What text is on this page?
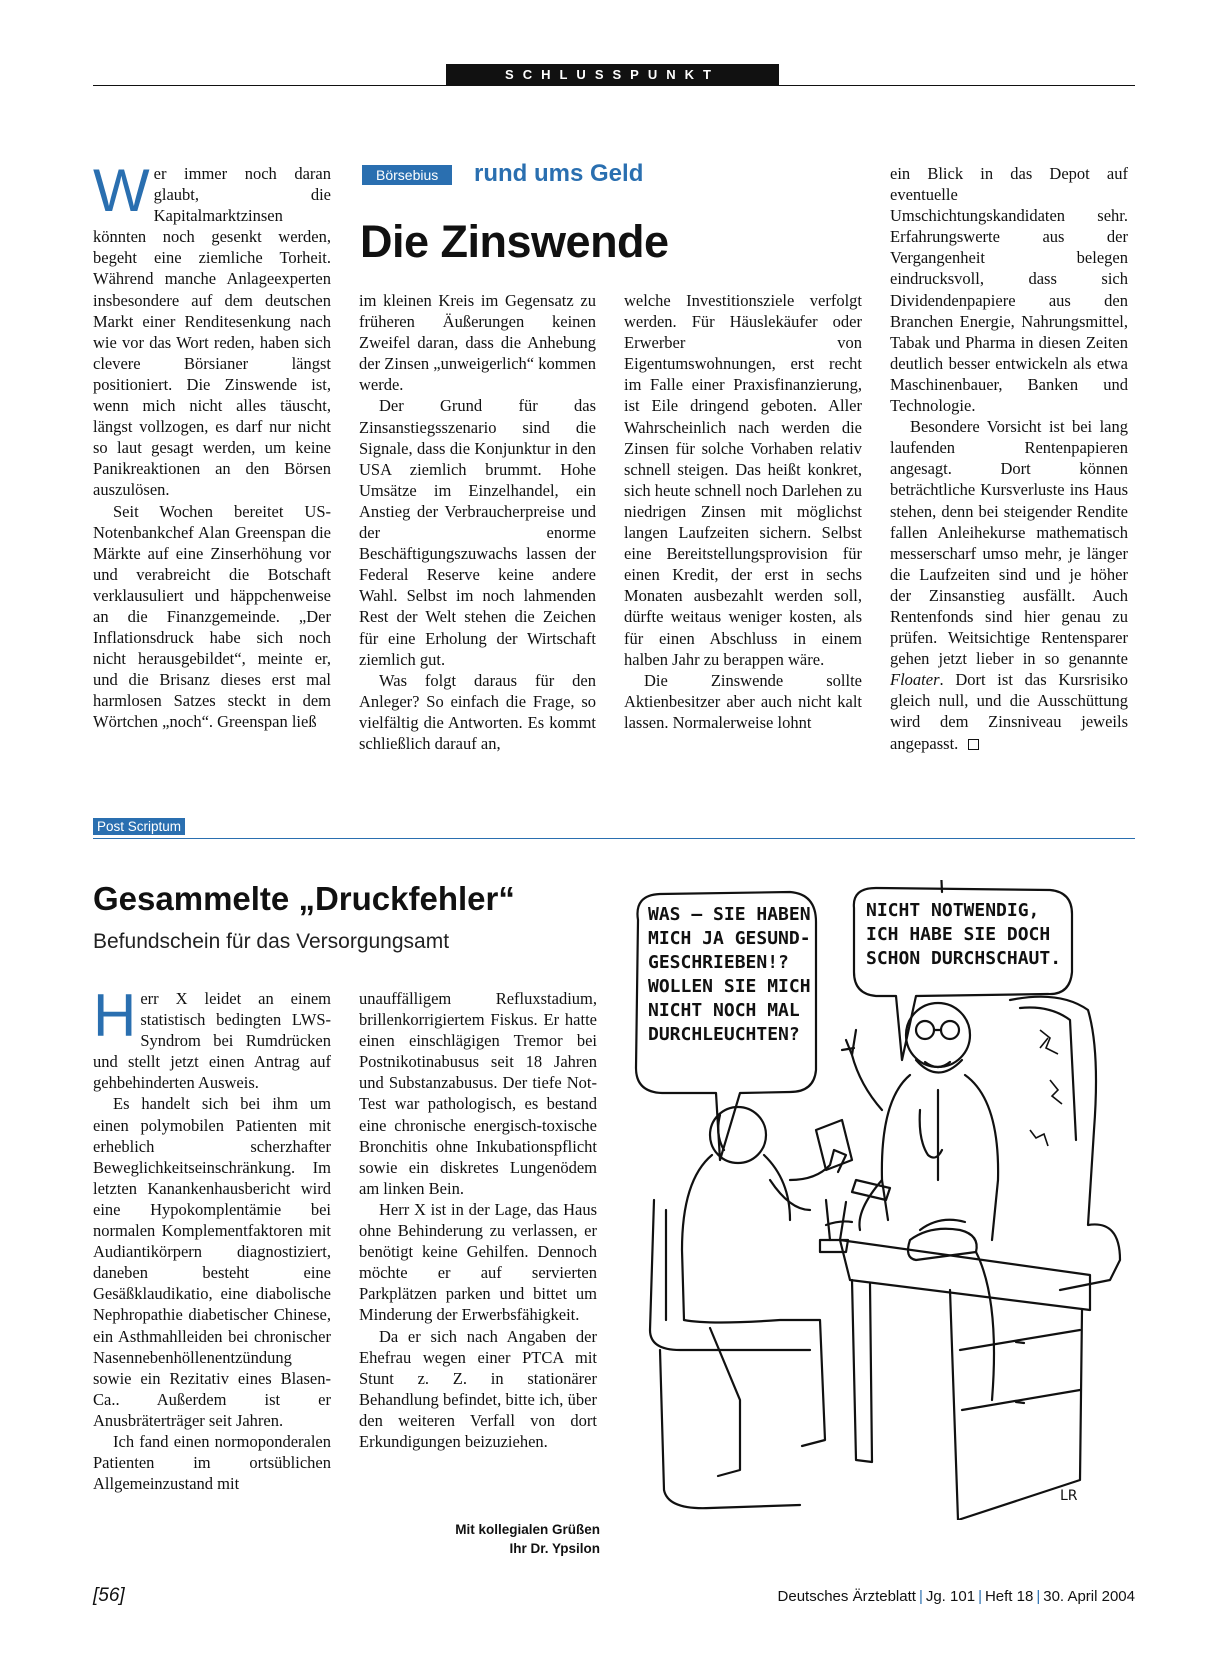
SCHLUSSPUNKT
Börsebius	rund ums Geld
Die Zinswende

Wer immer noch daran glaubt, die Kapitalmarktzinsen könnten noch gesenkt werden, begeht eine ziemliche Torheit. Während manche Anlageexperten insbesondere auf dem deutschen Markt einer Renditesenkung nach wie vor das Wort reden, haben sich clevere Börsianer längst positioniert. Die Zinswende ist, wenn mich nicht alles täuscht, längst vollzogen, es darf nur nicht so laut gesagt werden, um keine Panikreaktionen an den Börsen auszulösen.

Seit Wochen bereitet US-Notenbankchef Alan Greenspan die Märkte auf eine Zinserhöhung vor und verabreicht die Botschaft verklausuliert und häppchenweise an die Finanzgemeinde. „Der Inflationsdruck habe sich noch nicht herausgebildet“, meinte er, und die Brisanz dieses erst mal harmlosen Satzes steckt in dem Wörtchen „noch“. Greenspan ließ

im kleinen Kreis im Gegensatz zu früheren Äußerungen keinen Zweifel daran, dass die Anhebung der Zinsen „unweigerlich“ kommen werde.

Der Grund für das Zinsanstiegsszenario sind die Signale, dass die Konjunktur in den USA ziemlich brummt. Hohe Umsätze im Einzelhandel, ein Anstieg der Verbraucherpreise und der enorme Beschäftigungszuwachs lassen der Federal Reserve keine andere Wahl. Selbst im noch lahmenden Rest der Welt stehen die Zeichen für eine Erholung der Wirtschaft ziemlich gut.

Was folgt daraus für den Anleger? So einfach die Frage, so vielfältig die Antworten. Es kommt schließlich darauf an,

welche Investitionsziele verfolgt werden. Für Häuslekäufer oder Erwerber von Eigentumswohnungen, erst recht im Falle einer Praxisfinanzierung, ist Eile dringend geboten. Aller Wahrscheinlich nach werden die Zinsen für solche Vorhaben relativ schnell steigen. Das heißt konkret, sich heute schnell noch Darlehen zu niedrigen Zinsen mit möglichst langen Laufzeiten sichern. Selbst eine Bereitstellungsprovision für einen Kredit, der erst in sechs Monaten ausbezahlt werden soll, dürfte weitaus weniger kosten, als für einen Abschluss in einem halben Jahr zu berappen wäre.

Die Zinswende sollte Aktienbesitzer aber auch nicht kalt lassen. Normalerweise lohnt

ein Blick in das Depot auf eventuelle Umschichtungskandidaten sehr. Erfahrungswerte aus der Vergangenheit belegen eindrucksvoll, dass sich Dividendenpapiere aus den Branchen Energie, Nahrungsmittel, Tabak und Pharma in diesen Zeiten deutlich besser entwickeln als etwa Maschinenbauer, Banken und Technologie.

Besondere Vorsicht ist bei lang laufenden Rentenpapieren angesagt. Dort können beträchtliche Kursverluste ins Haus stehen, denn bei steigender Rendite fallen Anleihekurse mathematisch messerscharf umso mehr, je länger die Laufzeiten sind und je höher der Zinsanstieg ausfällt. Auch Rentenfonds sind hier genau zu prüfen. Weitsichtige Rentensparer gehen jetzt lieber in so genannte Floater. Dort ist das Kursrisiko gleich null, und die Ausschüttung wird dem Zinsniveau jeweils angepasst.

Post Scriptum
Gesammelte „Druckfehler“
Befundschein für das Versorgungsamt

Herr X leidet an einem statistisch bedingten LWS-Syndrom bei Rumdrücken und stellt jetzt einen Antrag auf gehbehinderten Ausweis.

Es handelt sich bei ihm um einen polymobilen Patienten mit erheblich scherzhafter Beweglichkeitseinschränkung. Im letzten Kanankenhausbericht wird eine Hypokomplentämie bei normalen Komplementfaktoren mit Audiantikörpern diagnostiziert, daneben besteht eine Gesäßklaudikatio, eine diabolische Nephropathie diabetischer Chinese, ein Asthmahlleiden bei chronischer Nasennebenhöllenentzündung sowie ein Rezitativ eines Blasen-Ca.. Außerdem ist er Anusbräterträger seit Jahren.

Ich fand einen normoponderalen Patienten im ortsüblichen Allgemeinzustand mit

unauffälligem Refluxstadium, brillenkorrigiertem Fiskus. Er hatte einen einschlägigen Tremor bei Postnikotinabusus seit 18 Jahren und Substanzabusus. Der tiefe Not-Test war pathologisch, es bestand eine chronische energisch-toxische Bronchitis ohne Inkubationspflicht sowie ein diskretes Lungenödem am linken Bein.

Herr X ist in der Lage, das Haus ohne Behinderung zu verlassen, er benötigt keine Gehilfen. Dennoch möchte er auf servierten Parkplätzen parken und bittet um Minderung der Erwerbsfähigkeit.

Da er sich nach Angaben der Ehefrau wegen einer PTCA mit Stunt z. Z. in stationärer Behandlung befindet, bitte ich, über den weiteren Verfall von dort Erkundigungen beizuziehen.

Mit kollegialen Grüßen
Ihr Dr. Ypsilon
WAS – SIE HABEN
MICH JA GESUND-
GESCHRIEBEN!?
WOLLEN SIE MICH
NICHT NOCH MAL
DURCHLEUCHTEN?
NICHT NOTWENDIG,
ICH HABE SIE DOCH
SCHON DURCHSCHAUT.
LR
[56]	Deutsches Ärzteblatt | Jg. 101 | Heft 18 | 30. April 2004
